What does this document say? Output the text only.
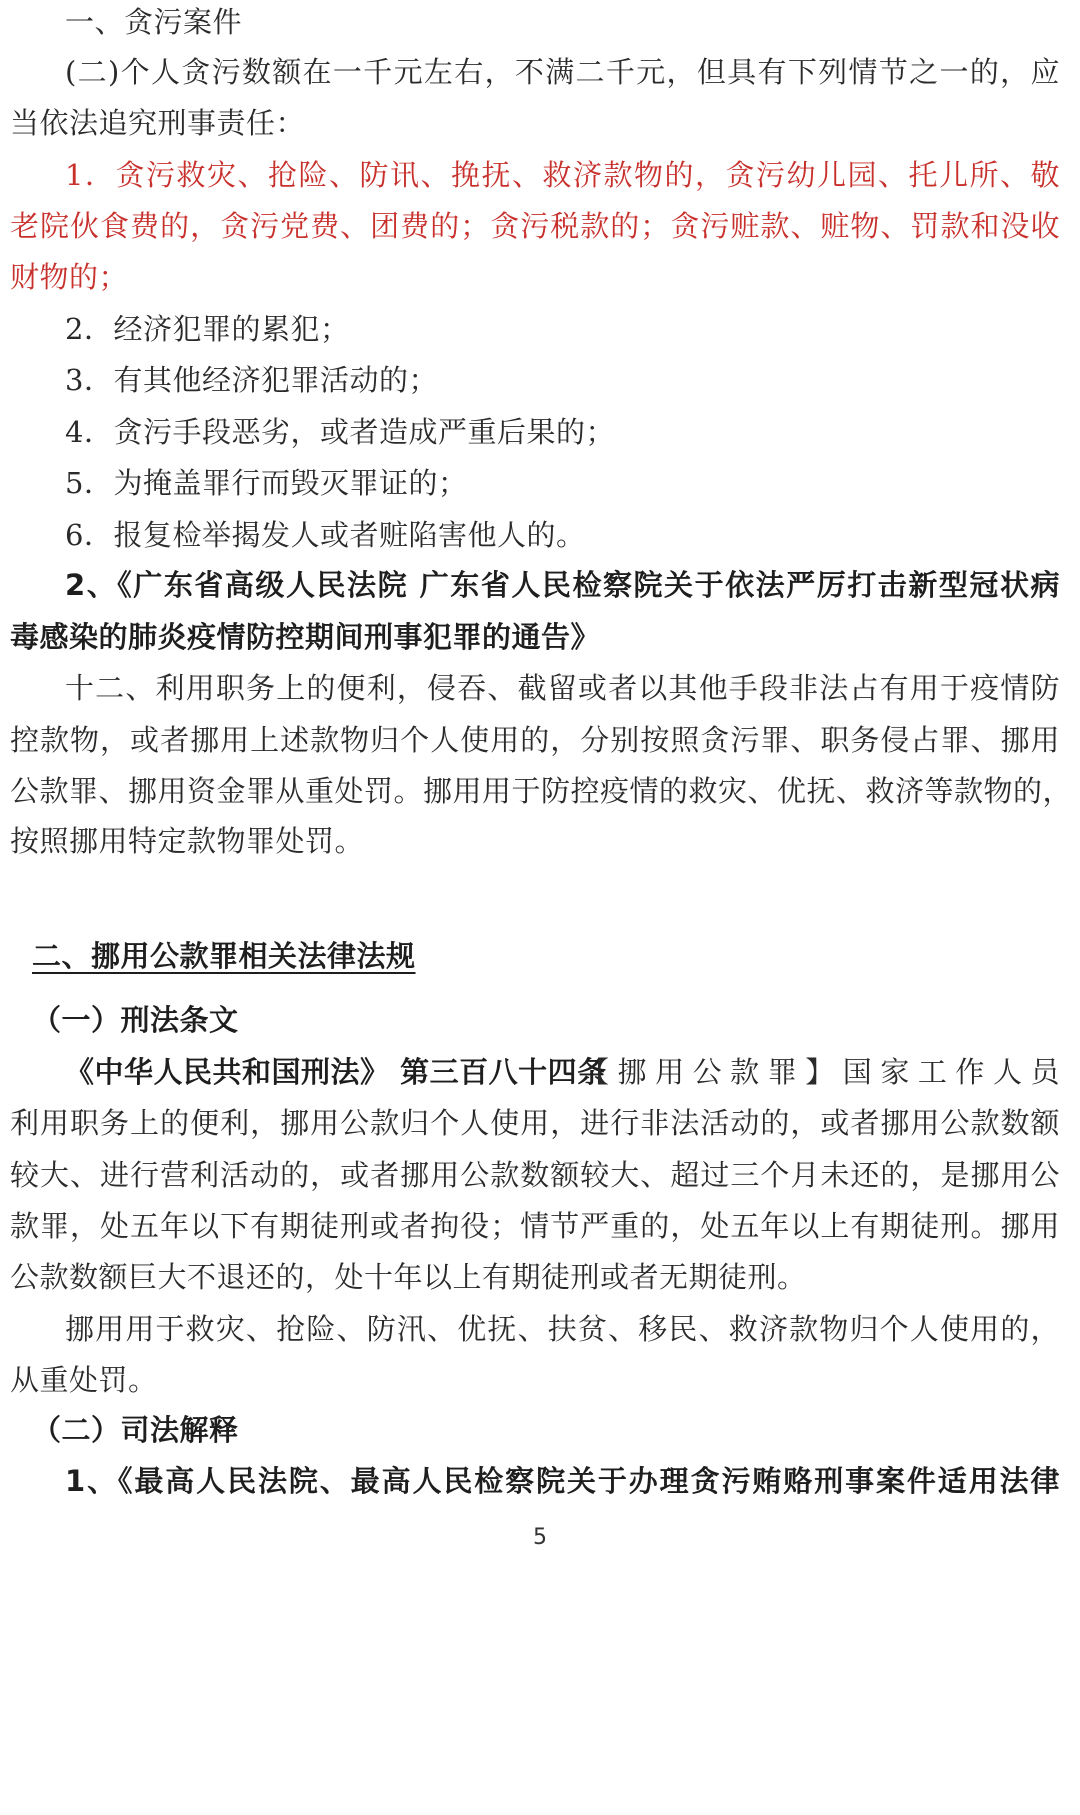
一、贪污案件
(二)个人贪污数额在一千元左右，不满二千元，但具有下列情节之一的，应
当依法追究刑事责任：
1．贪污救灾、抢险、防讯、挽抚、救济款物的，贪污幼儿园、托儿所、敬
老院伙食费的，贪污党费、团费的；贪污税款的；贪污赃款、赃物、罚款和没收
财物的；
2．经济犯罪的累犯；
3．有其他经济犯罪活动的；
4．贪污手段恶劣，或者造成严重后果的；
5．为掩盖罪行而毁灭罪证的；
6．报复检举揭发人或者赃陷害他人的。
2、《广东省高级人民法院 广东省人民检察院关于依法严厉打击新型冠状病
毒感染的肺炎疫情防控期间刑事犯罪的通告》
十二、利用职务上的便利，侵吞、截留或者以其他手段非法占有用于疫情防
控款物，或者挪用上述款物归个人使用的，分别按照贪污罪、职务侵占罪、挪用
公款罪、挪用资金罪从重处罚。挪用用于防控疫情的救灾、优抚、救济等款物的，
按照挪用特定款物罪处罚。
二、挪用公款罪相关法律法规
（一）刑法条文
《中华人民共和国刑法》 第三百八十四条
【挪用公款罪】国家工作人员
利用职务上的便利，挪用公款归个人使用，进行非法活动的，或者挪用公款数额
较大、进行营利活动的，或者挪用公款数额较大、超过三个月未还的，是挪用公
款罪，处五年以下有期徒刑或者拘役；情节严重的，处五年以上有期徒刑。挪用
公款数额巨大不退还的，处十年以上有期徒刑或者无期徒刑。
挪用用于救灾、抢险、防汛、优抚、扶贫、移民、救济款物归个人使用的，
从重处罚。
（二）司法解释
1、《最高人民法院、最高人民检察院关于办理贪污贿赂刑事案件适用法律
5
